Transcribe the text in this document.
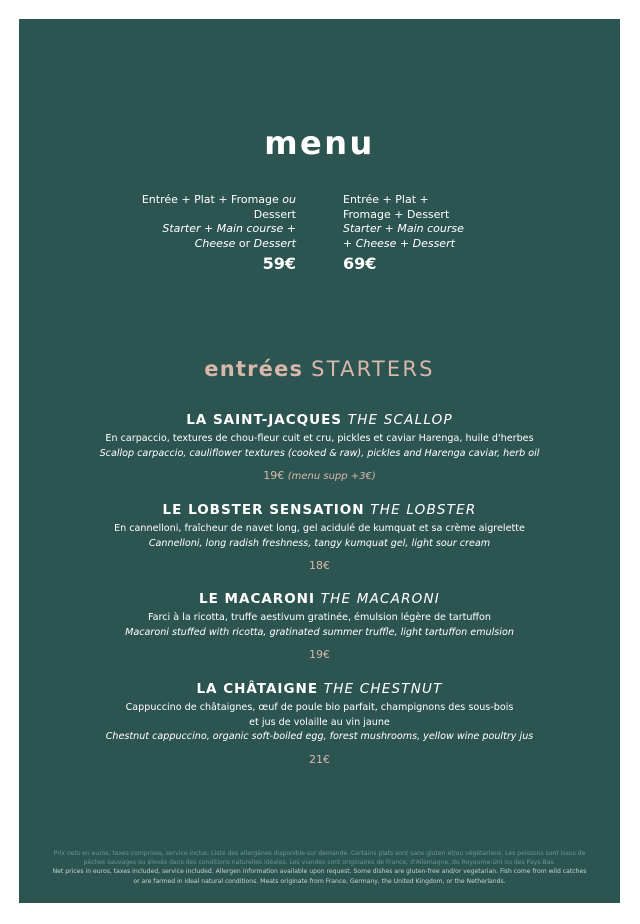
menu
Entrée + Plat + Fromage ou Dessert
Starter + Main course + Cheese or Dessert
59€
Entrée + Plat + Fromage + Dessert
Starter + Main course + Cheese + Dessert
69€
entrées STARTERS
LA SAINT-JACQUES THE SCALLOP
En carpaccio, textures de chou-fleur cuit et cru, pickles et caviar Harenga, huile d'herbes
Scallop carpaccio, cauliflower textures (cooked & raw), pickles and Harenga caviar, herb oil
19€ (menu supp +3€)
LE LOBSTER SENSATION THE LOBSTER
En cannelloni, fraîcheur de navet long, gel acidulé de kumquat et sa crème aigrelette
Cannelloni, long radish freshness, tangy kumquat gel, light sour cream
18€
LE MACARONI THE MACARONI
Farci à la ricotta, truffe aestivum gratinée, émulsion légère de tartuffon
Macaroni stuffed with ricotta, gratinated summer truffle, light tartuffon emulsion
19€
LA CHÂTAIGNE THE CHESTNUT
Cappuccino de châtaignes, œuf de poule bio parfait, champignons des sous-bois
et jus de volaille au vin jaune
Chestnut cappuccino, organic soft-boiled egg, forest mushrooms, yellow wine poultry jus
21€
Prix nets en euros, taxes comprises, service inclus. Liste des allergènes disponible sur demande. Certains plats sont sans gluten et/ou végétariens. Les poissons sont issus de pêches sauvages ou élevés dans des conditions naturelles idéales. Les viandes sont originaires de France, d'Allemagne, du Royaume-Uni ou des Pays-Bas.
Net prices in euros, taxes included, service included. Allergen information available upon request. Some dishes are gluten-free and/or vegetarian. Fish come from wild catches or are farmed in ideal natural conditions. Meats originate from France, Germany, the United Kingdom, or the Netherlands.
